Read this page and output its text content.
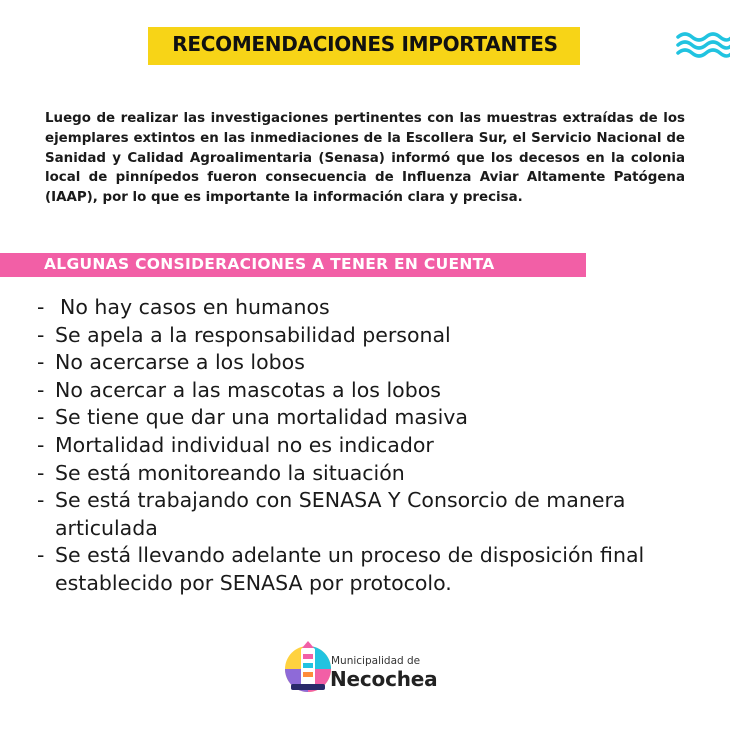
RECOMENDACIONES IMPORTANTES
Luego de realizar las investigaciones pertinentes con las muestras extraídas de los ejemplares extintos en las inmediaciones de la Escollera Sur, el Servicio Nacional de Sanidad y Calidad Agroalimentaria (Senasa) informó que los decesos en la colonia local de pinnípedos fueron consecuencia de Influenza Aviar Altamente Patógena (IAAP), por lo que es importante la información clara y precisa.
ALGUNAS CONSIDERACIONES A TENER EN CUENTA
- No hay casos en humanos
- Se apela a la responsabilidad personal
- No acercarse a los lobos
- No acercar a las mascotas a los lobos
- Se tiene que dar una mortalidad masiva
- Mortalidad individual no es indicador
- Se está monitoreando la situación
- Se está trabajando con SENASA Y Consorcio de manera articulada
- Se está llevando adelante un proceso de disposición final establecido por SENASA por protocolo.
Municipalidad de
Necochea
